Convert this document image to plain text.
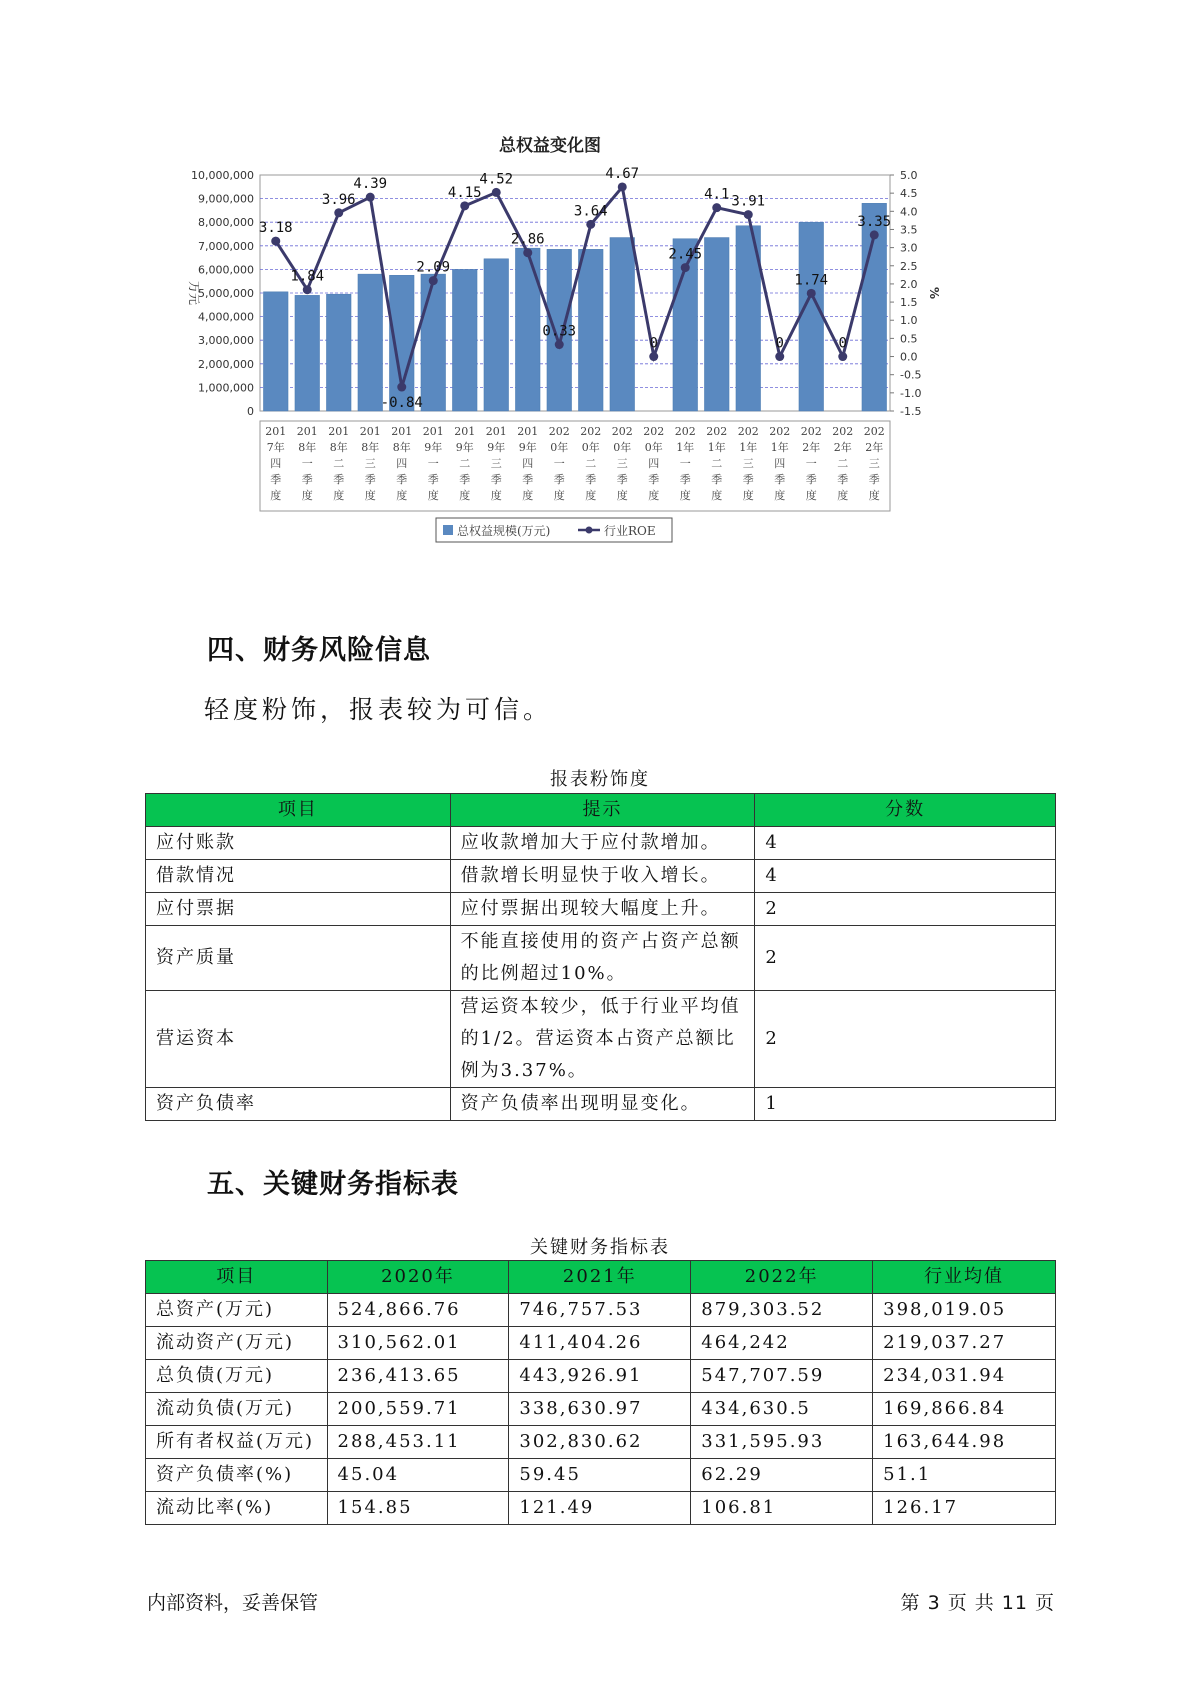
总权益变化图
10,000,000
9,000,000
8,000,000
7,000,000
6,000,000
5,000,000
4,000,000
3,000,000
2,000,000
1,000,000
0
5.0
4.5
4.0
3.5
3.0
2.5
2.0
1.5
1.0
0.5
0.0
-0.5
-1.0
-1.5
万元	%
3.18
1.84
3.96
4.39
-0.84
2.09
4.15
4.52
2.86
0.33
3.64
4.67
0
2.45
4.1 3.91
0
1.74
0
3.35
201 7年四季度
201 8年一季度
201 8年二季度
201 8年三季度
201 8年四季度
201 9年一季度
201 9年二季度
201 9年三季度
201 9年四季度
202 0年一季度
202 0年二季度
202 0年三季度
202 0年四季度
202 1年一季度
202 1年二季度
202 1年三季度
202 1年四季度
202 2年一季度
202 2年二季度
202 2年三季度
总权益规模(万元)	行业ROE
四、财务风险信息
轻度粉饰，报表较为可信。
报表粉饰度
项目	提示	分数
应付账款	应收款增加大于应付款增加。	4
借款情况	借款增长明显快于收入增长。	4
应付票据	应付票据出现较大幅度上升。	2
资产质量	不能直接使用的资产占资产总额的比例超过10%。	2
营运资本	营运资本较少，低于行业平均值的1/2。营运资本占资产总额比例为3.37%。	2
资产负债率	资产负债率出现明显变化。	1
五、关键财务指标表
关键财务指标表
项目	2020年	2021年	2022年	行业均值
总资产(万元)	524,866.76	746,757.53	879,303.52	398,019.05
流动资产(万元)	310,562.01	411,404.26	464,242	219,037.27
总负债(万元)	236,413.65	443,926.91	547,707.59	234,031.94
流动负债(万元)	200,559.71	338,630.97	434,630.5	169,866.84
所有者权益(万元)	288,453.11	302,830.62	331,595.93	163,644.98
资产负债率(%)	45.04	59.45	62.29	51.1
流动比率(%)	154.85	121.49	106.81	126.17
内部资料，妥善保管	第 3 页 共 11 页
